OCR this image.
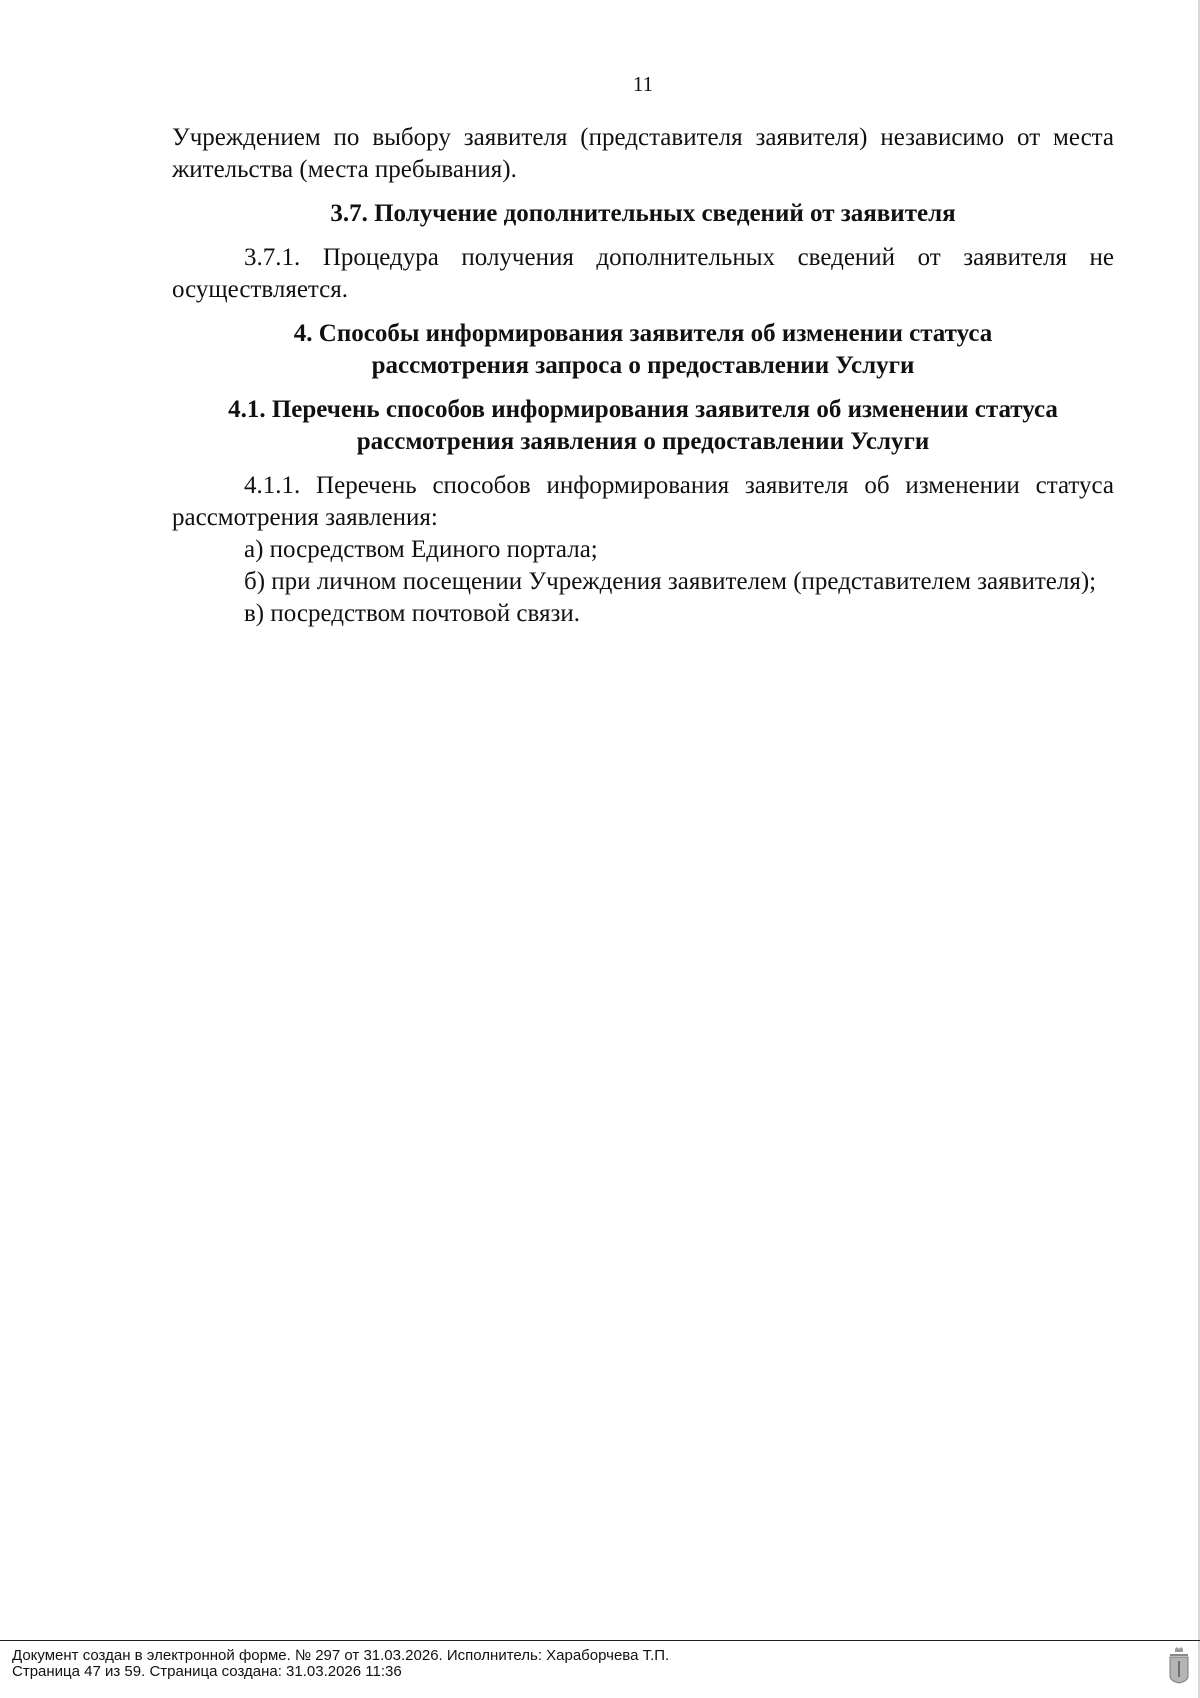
11

Учреждением по выбору заявителя (представителя заявителя) независимо от места жительства (места пребывания).

3.7. Получение дополнительных сведений от заявителя

3.7.1. Процедура получения дополнительных сведений от заявителя не осуществляется.

4. Способы информирования заявителя об изменении статуса
рассмотрения запроса о предоставлении Услуги
4.1. Перечень способов информирования заявителя об изменении статуса
рассмотрения заявления о предоставлении Услуги

4.1.1. Перечень способов информирования заявителя об изменении статуса рассмотрения заявления:

а) посредством Единого портала;

б) при личном посещении Учреждения заявителем (представителем заявителя);

в) посредством почтовой связи.

Документ создан в электронной форме. № 297 от 31.03.2026. Исполнитель: Хараборчева Т.П.
Страница 47 из 59. Страница создана: 31.03.2026 11:36
